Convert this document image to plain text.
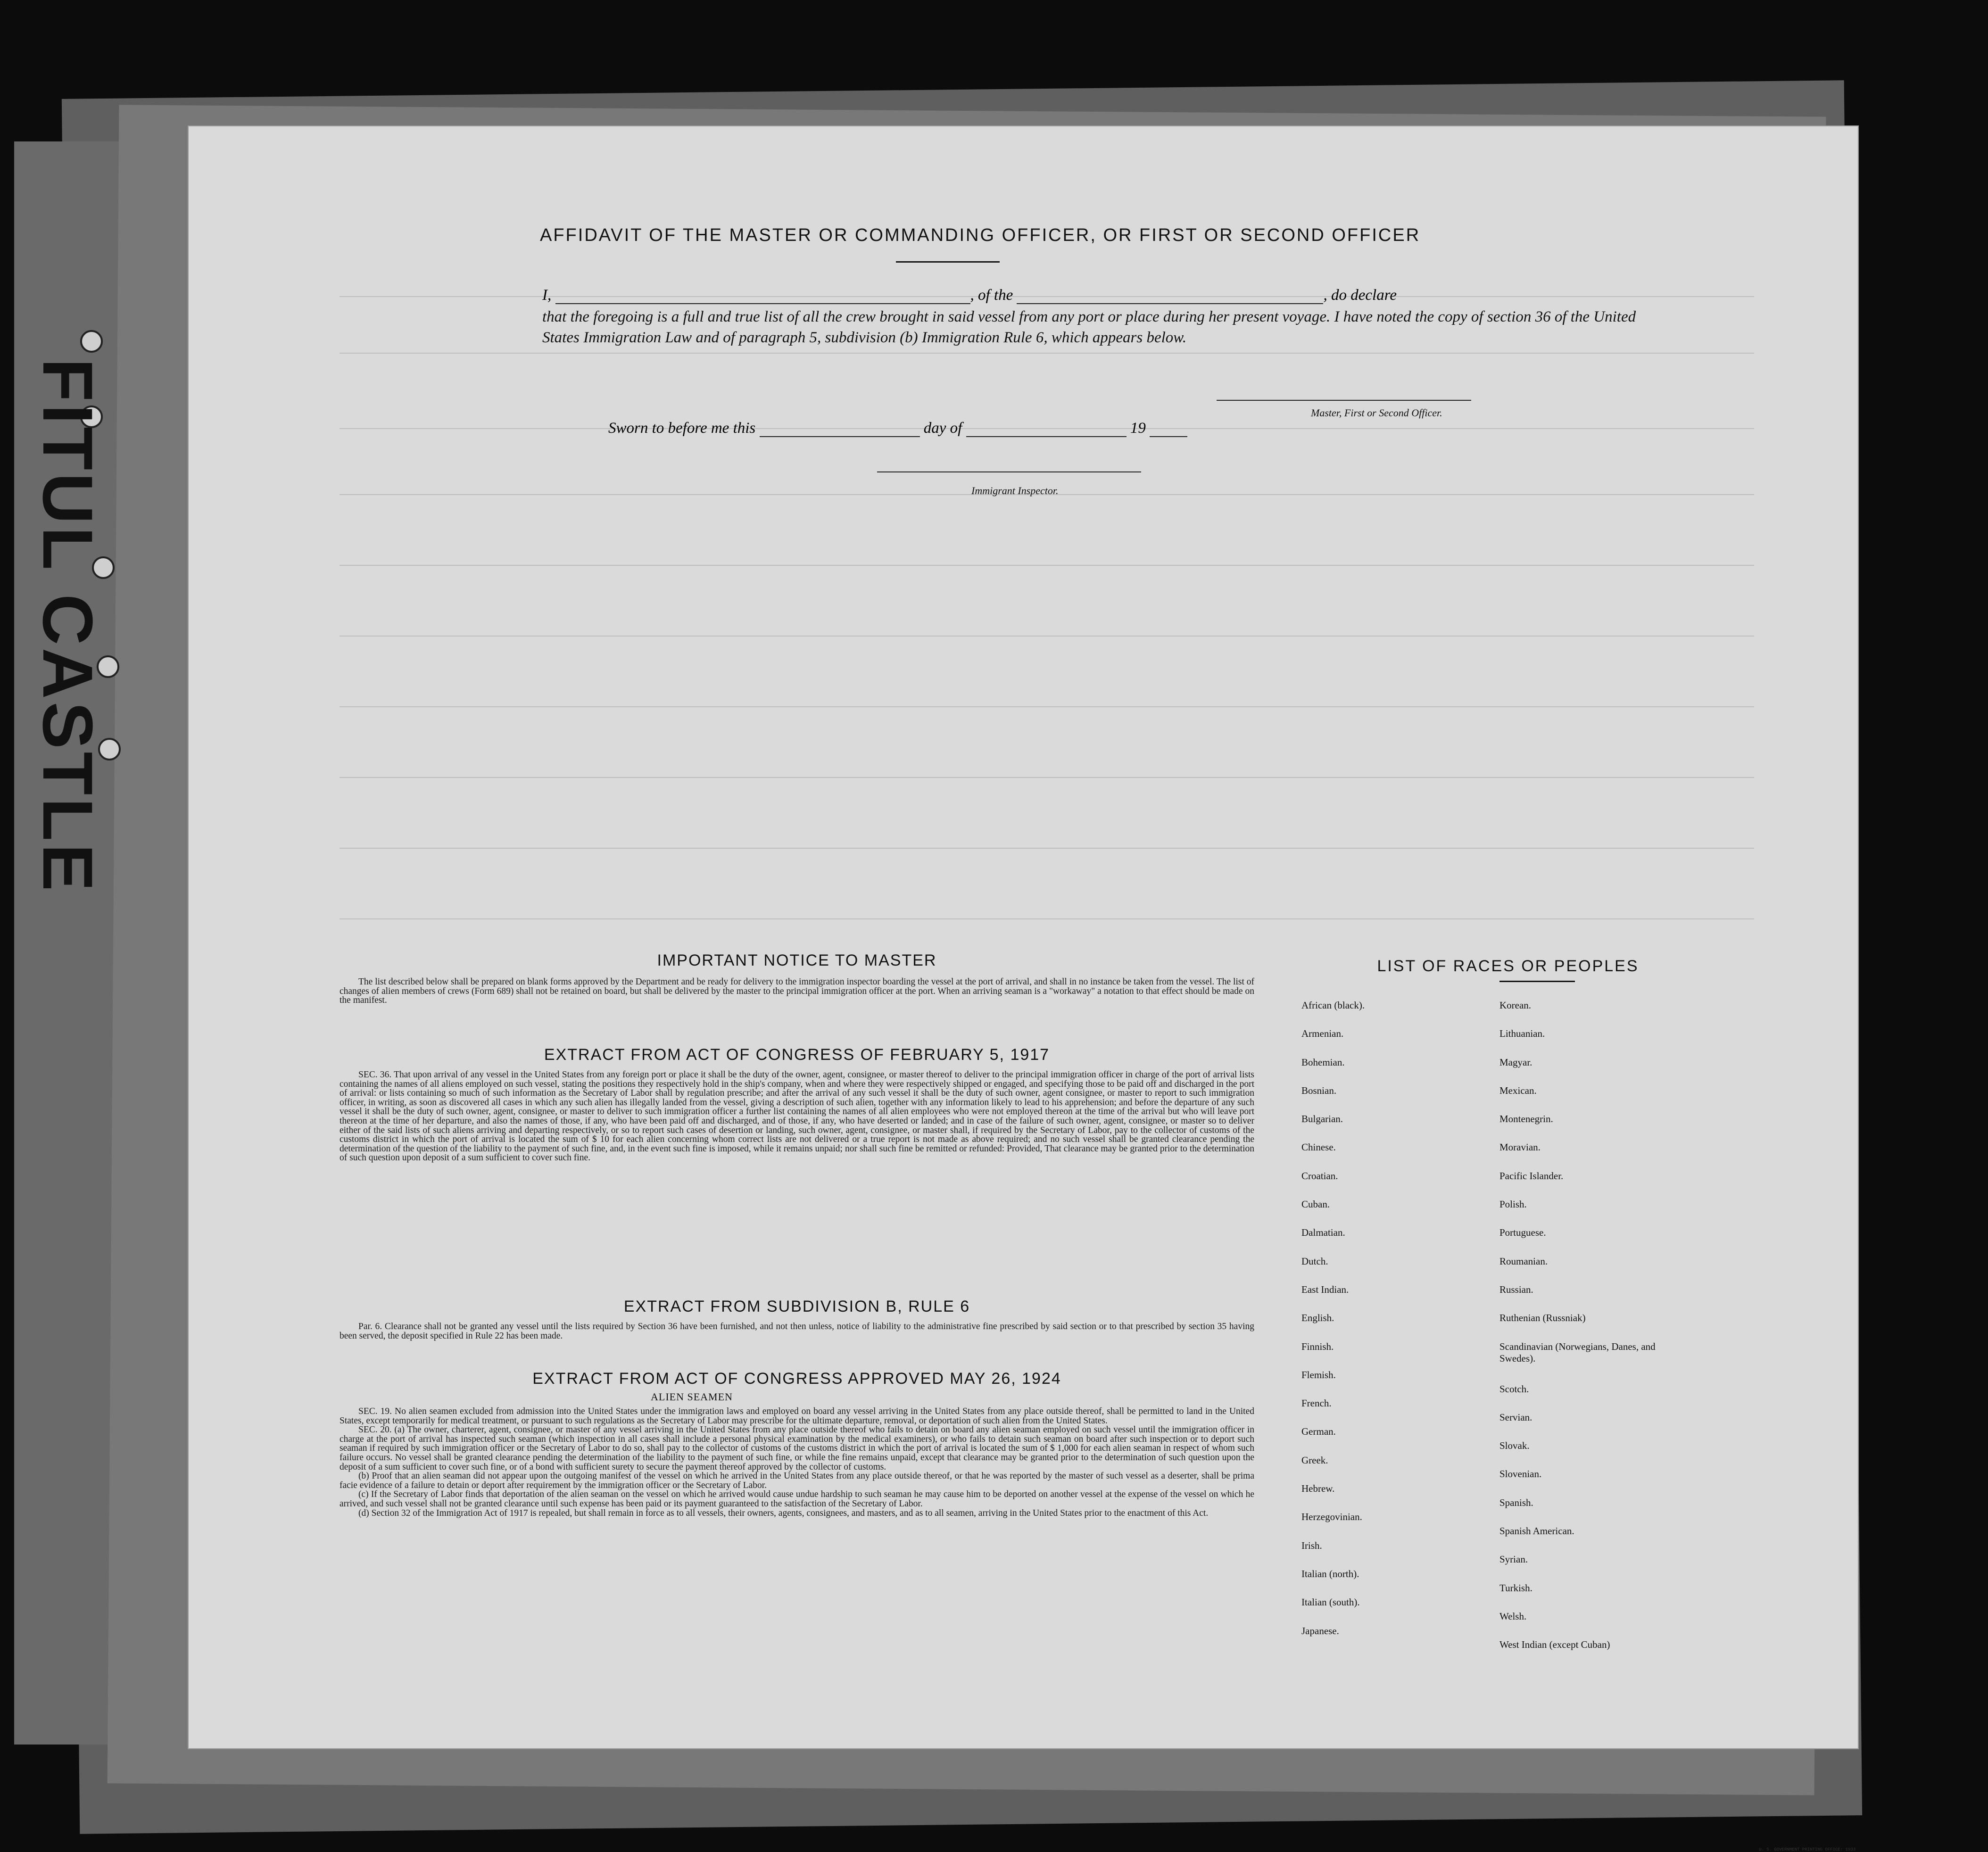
FITUL CASTLE
AFFIDAVIT OF THE MASTER OR COMMANDING OFFICER, OR FIRST OR SECOND OFFICER
I,	, of the	, do declare
that the foregoing is a full and true list of all the crew brought in said vessel from any port or place during her present voyage. I have noted the copy of section 36 of the United States Immigration Law and of paragraph 5, subdivision (b) Immigration Rule 6, which appears below.
Master, First or Second Officer.
Sworn to before me this	day of	19
Immigrant Inspector.
IMPORTANT NOTICE TO MASTER

The list described below shall be prepared on blank forms approved by the Department and be ready for delivery to the immigration inspector boarding the vessel at the port of arrival, and shall in no instance be taken from the vessel. The list of changes of alien members of crews (Form 689) shall not be retained on board, but shall be delivered by the master to the principal immigration officer at the port. When an arriving seaman is a "workaway" a notation to that effect should be made on the manifest.

EXTRACT FROM ACT OF CONGRESS OF FEBRUARY 5, 1917

SEC. 36. That upon arrival of any vessel in the United States from any foreign port or place it shall be the duty of the owner, agent, consignee, or master thereof to deliver to the principal immigration officer in charge of the port of arrival lists containing the names of all aliens employed on such vessel, stating the positions they respectively hold in the ship's company, when and where they were respectively shipped or engaged, and specifying those to be paid off and discharged in the port of arrival: or lists containing so much of such information as the Secretary of Labor shall by regulation prescribe; and after the arrival of any such vessel it shall be the duty of such owner, agent consignee, or master to report to such immigration officer, in writing, as soon as discovered all cases in which any such alien has illegally landed from the vessel, giving a description of such alien, together with any information likely to lead to his apprehension; and before the departure of any such vessel it shall be the duty of such owner, agent, consignee, or master to deliver to such immigration officer a further list containing the names of all alien employees who were not employed thereon at the time of the arrival but who will leave port thereon at the time of her departure, and also the names of those, if any, who have been paid off and discharged, and of those, if any, who have deserted or landed; and in case of the failure of such owner, agent, consignee, or master so to deliver either of the said lists of such aliens arriving and departing respectively, or so to report such cases of desertion or landing, such owner, agent, consignee, or master shall, if required by the Secretary of Labor, pay to the collector of customs of the customs district in which the port of arrival is located the sum of $ 10 for each alien concerning whom correct lists are not delivered or a true report is not made as above required; and no such vessel shall be granted clearance pending the determination of the question of the liability to the payment of such fine, and, in the event such fine is imposed, while it remains unpaid; nor shall such fine be remitted or refunded: Provided, That clearance may be granted prior to the determination of such question upon deposit of a sum sufficient to cover such fine.

EXTRACT FROM SUBDIVISION B, RULE 6

Par. 6. Clearance shall not be granted any vessel until the lists required by Section 36 have been furnished, and not then unless, notice of liability to the administrative fine prescribed by said section or to that prescribed by section 35 having been served, the deposit specified in Rule 22 has been made.

EXTRACT FROM ACT OF CONGRESS APPROVED MAY 26, 1924
ALIEN SEAMEN

SEC. 19. No alien seamen excluded from admission into the United States under the immigration laws and employed on board any vessel arriving in the United States from any place outside thereof, shall be permitted to land in the United States, except temporarily for medical treatment, or pursuant to such regulations as the Secretary of Labor may prescribe for the ultimate departure, removal, or deportation of such alien from the United States.

SEC. 20. (a) The owner, charterer, agent, consignee, or master of any vessel arriving in the United States from any place outside thereof who fails to detain on board any alien seaman employed on such vessel until the immigration officer in charge at the port of arrival has inspected such seaman (which inspection in all cases shall include a personal physical examination by the medical examiners), or who fails to detain such seaman on board after such inspection or to deport such seaman if required by such immigration officer or the Secretary of Labor to do so, shall pay to the collector of customs of the customs district in which the port of arrival is located the sum of $ 1,000 for each alien seaman in respect of whom such failure occurs. No vessel shall be granted clearance pending the determination of the liability to the payment of such fine, or while the fine remains unpaid, except that clearance may be granted prior to the determination of such question upon the deposit of a sum sufficient to cover such fine, or of a bond with sufficient surety to secure the payment thereof approved by the collector of customs.

(b) Proof that an alien seaman did not appear upon the outgoing manifest of the vessel on which he arrived in the United States from any place outside thereof, or that he was reported by the master of such vessel as a deserter, shall be prima facie evidence of a failure to detain or deport after requirement by the immigration officer or the Secretary of Labor.

(c) If the Secretary of Labor finds that deportation of the alien seaman on the vessel on which he arrived would cause undue hardship to such seaman he may cause him to be deported on another vessel at the expense of the vessel on which he arrived, and such vessel shall not be granted clearance until such expense has been paid or its payment guaranteed to the satisfaction of the Secretary of Labor.

(d) Section 32 of the Immigration Act of 1917 is repealed, but shall remain in force as to all vessels, their owners, agents, consignees, and masters, and as to all seamen, arriving in the United States prior to the enactment of this Act.

LIST OF RACES OR PEOPLES
African (black).
Armenian.
Bohemian.
Bosnian.
Bulgarian.
Chinese.
Croatian.
Cuban.
Dalmatian.
Dutch.
East Indian.
English.
Finnish.
Flemish.
French.
German.
Greek.
Hebrew.
Herzegovinian.
Irish.
Italian (north).
Italian (south).
Japanese.
Korean.
Lithuanian.
Magyar.
Mexican.
Montenegrin.
Moravian.
Pacific Islander.
Polish.
Portuguese.
Roumanian.
Russian.
Ruthenian (Russniak)
Scandinavian (Norwegians, Danes, and Swedes).
Scotch.
Servian.
Slovak.
Slovenian.
Spanish.
Spanish American.
Syrian.
Turkish.
Welsh.
West Indian (except Cuban)
U. S. GOVERNMENT PRINTING OFFICE: 1933
